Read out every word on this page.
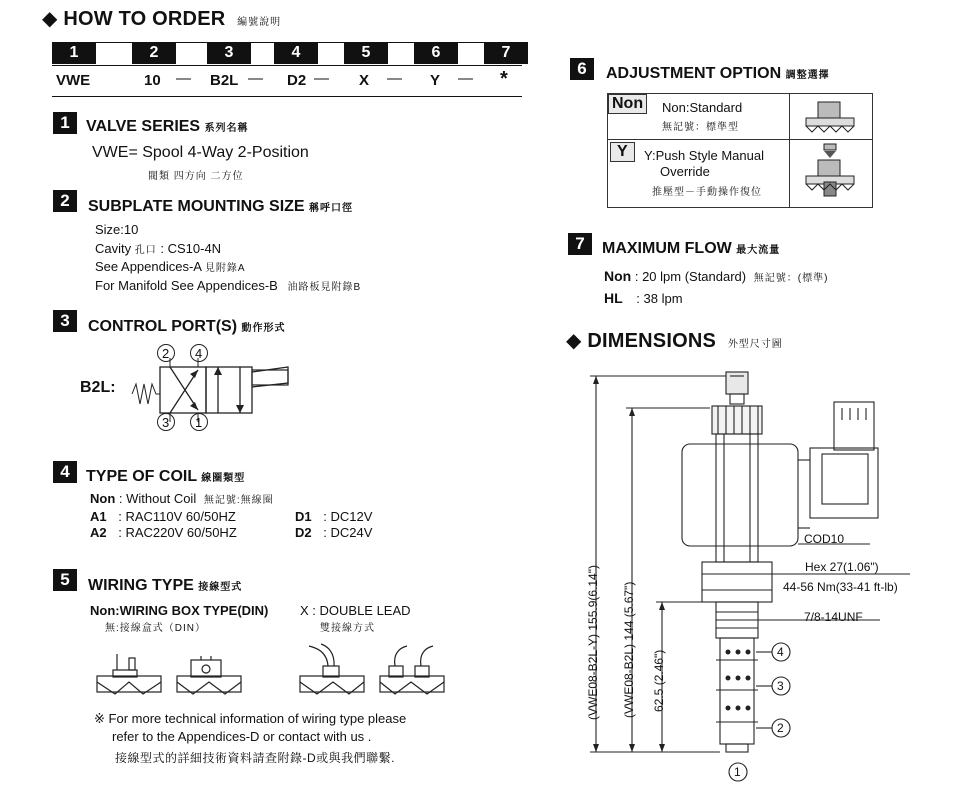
◆ HOW TO ORDER 編號說明
1	2	3	4	5	6	7
VWE	10 — B2L — D2 — X — Y — *
1	VALVE SERIES 系列名稱
VWE= Spool 4-Way 2-Position
閥類 四方向 二方位
2	SUBPLATE MOUNTING SIZE 稱呼口徑
Size:10
Cavity 孔口 : CS10-4N
See Appendices-A 見附錄A
For Manifold See Appendices-B 油路板見附錄B
3	CONTROL PORT(S) 動作形式
B2L:
2 4
3 1
4	TYPE OF COIL 線圈類型
Non : Without Coil 無記號:無線圈
A1 : RAC110V 60/50HZ
A2 : RAC220V 60/50HZ
D1 : DC12V
D2 : DC24V
5	WIRING TYPE 接線型式
Non:WIRING BOX TYPE(DIN)
無:接線盒式（DIN）
X : DOUBLE LEAD
雙接線方式
※ For more technical information of wiring type please
refer to the Appendices-D or contact with us .
接線型式的詳細技術資料請查附錄-D或與我們聯繫.
6	ADJUSTMENT OPTION 調整選擇
Non	Non:Standard
無記號：標準型
Y	Y:Push Style Manual
Override
推壓型－手動操作復位
7	MAXIMUM FLOW 最大流量
Non : 20 lpm (Standard) 無記號：(標準)
HL : 38 lpm
◆ DIMENSIONS 外型尺寸圖
COD10
Hex 27(1.06")
44-56 Nm(33-41 ft-lb)
7/8-14UNF
(VWE08-B2L-Y) 155.9(6.14") (VWE08-B2L) 144 (5.67") 62.5 (2.46")	4
3
2
1
